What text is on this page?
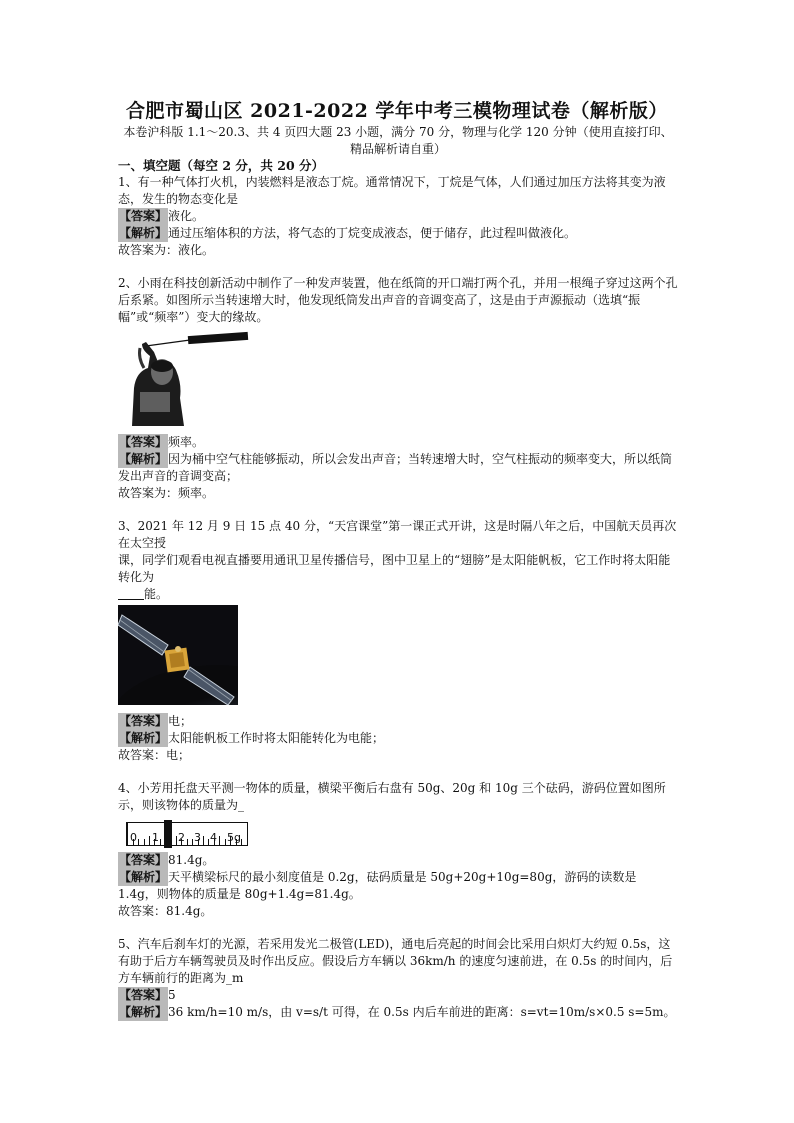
合肥市蜀山区 2021-2022 学年中考三模物理试卷（解析版）
本卷沪科版 1.1～20.3、共 4 页四大题 23 小题，满分 70 分，物理与化学 120 分钟（使用直接打印、精品解析请自重）
一、填空题（每空 2 分，共 20 分）

1、有一种气体打火机，内装燃料是液态丁烷。通常情况下，丁烷是气体，人们通过加压方法将其变为液态，发生的物态变化是

【答案】液化。

【解析】通过压缩体积的方法，将气态的丁烷变成液态，便于储存，此过程叫做液化。

故答案为：液化。

2、小雨在科技创新活动中制作了一种发声装置，他在纸筒的开口端打两个孔，并用一根绳子穿过这两个孔后系紧。如图所示当转速增大时，他发现纸筒发出声音的音调变高了，这是由于声源振动（选填“振幅”或“频率”）变大的缘故。

【答案】频率。

【解析】因为桶中空气柱能够振动，所以会发出声音；当转速增大时，空气柱振动的频率变大，所以纸筒发出声音的音调变高；

故答案为：频率。

3、2021 年 12 月 9 日 15 点 40 分，“天宫课堂”第一课正式开讲，这是时隔八年之后，中国航天员再次在太空授

课，同学们观看电视直播要用通讯卫星传播信号，图中卫星上的“翅膀”是太阳能帆板，它工作时将太阳能转化为

能。

【答案】电；

【解析】太阳能帆板工作时将太阳能转化为电能；

故答案：电；

4、小芳用托盘天平测一物体的质量，横梁平衡后右盘有 50g、20g 和 10g 三个砝码，游码位置如图所示，则该物体的质量为_

0 1 2 3 4 5g

【答案】81.4g。

【解析】天平横梁标尺的最小刻度值是 0.2g，砝码质量是 50g+20g+10g=80g，游码的读数是 1.4g，则物体的质量是 80g+1.4g=81.4g。

故答案：81.4g。

5、汽车后刹车灯的光源，若采用发光二极管(LED)，通电后亮起的时间会比采用白炽灯大约短 0.5s，这有助于后方车辆驾驶员及时作出反应。假设后方车辆以 36km/h 的速度匀速前进，在 0.5s 的时间内，后方车辆前行的距离为_m

【答案】5

【解析】36 km/h=10 m/s，由 v=s/t 可得，在 0.5s 内后车前进的距离：s=vt=10m/s×0.5 s=5m。
